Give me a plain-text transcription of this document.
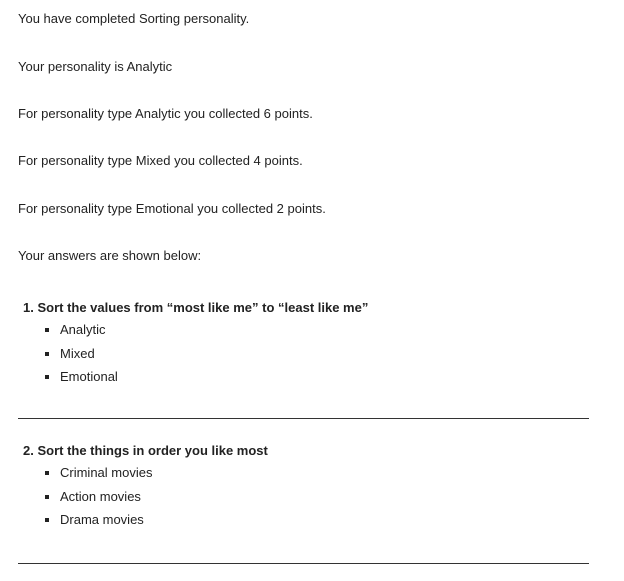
You have completed Sorting personality.

Your personality is Analytic

For personality type Analytic you collected 6 points.

For personality type Mixed you collected 4 points.

For personality type Emotional you collected 2 points.

Your answers are shown below:

1. Sort the values from “most like me” to “least like me”

Analytic
Mixed
Emotional

2. Sort the things in order you like most

Criminal movies
Action movies
Drama movies
